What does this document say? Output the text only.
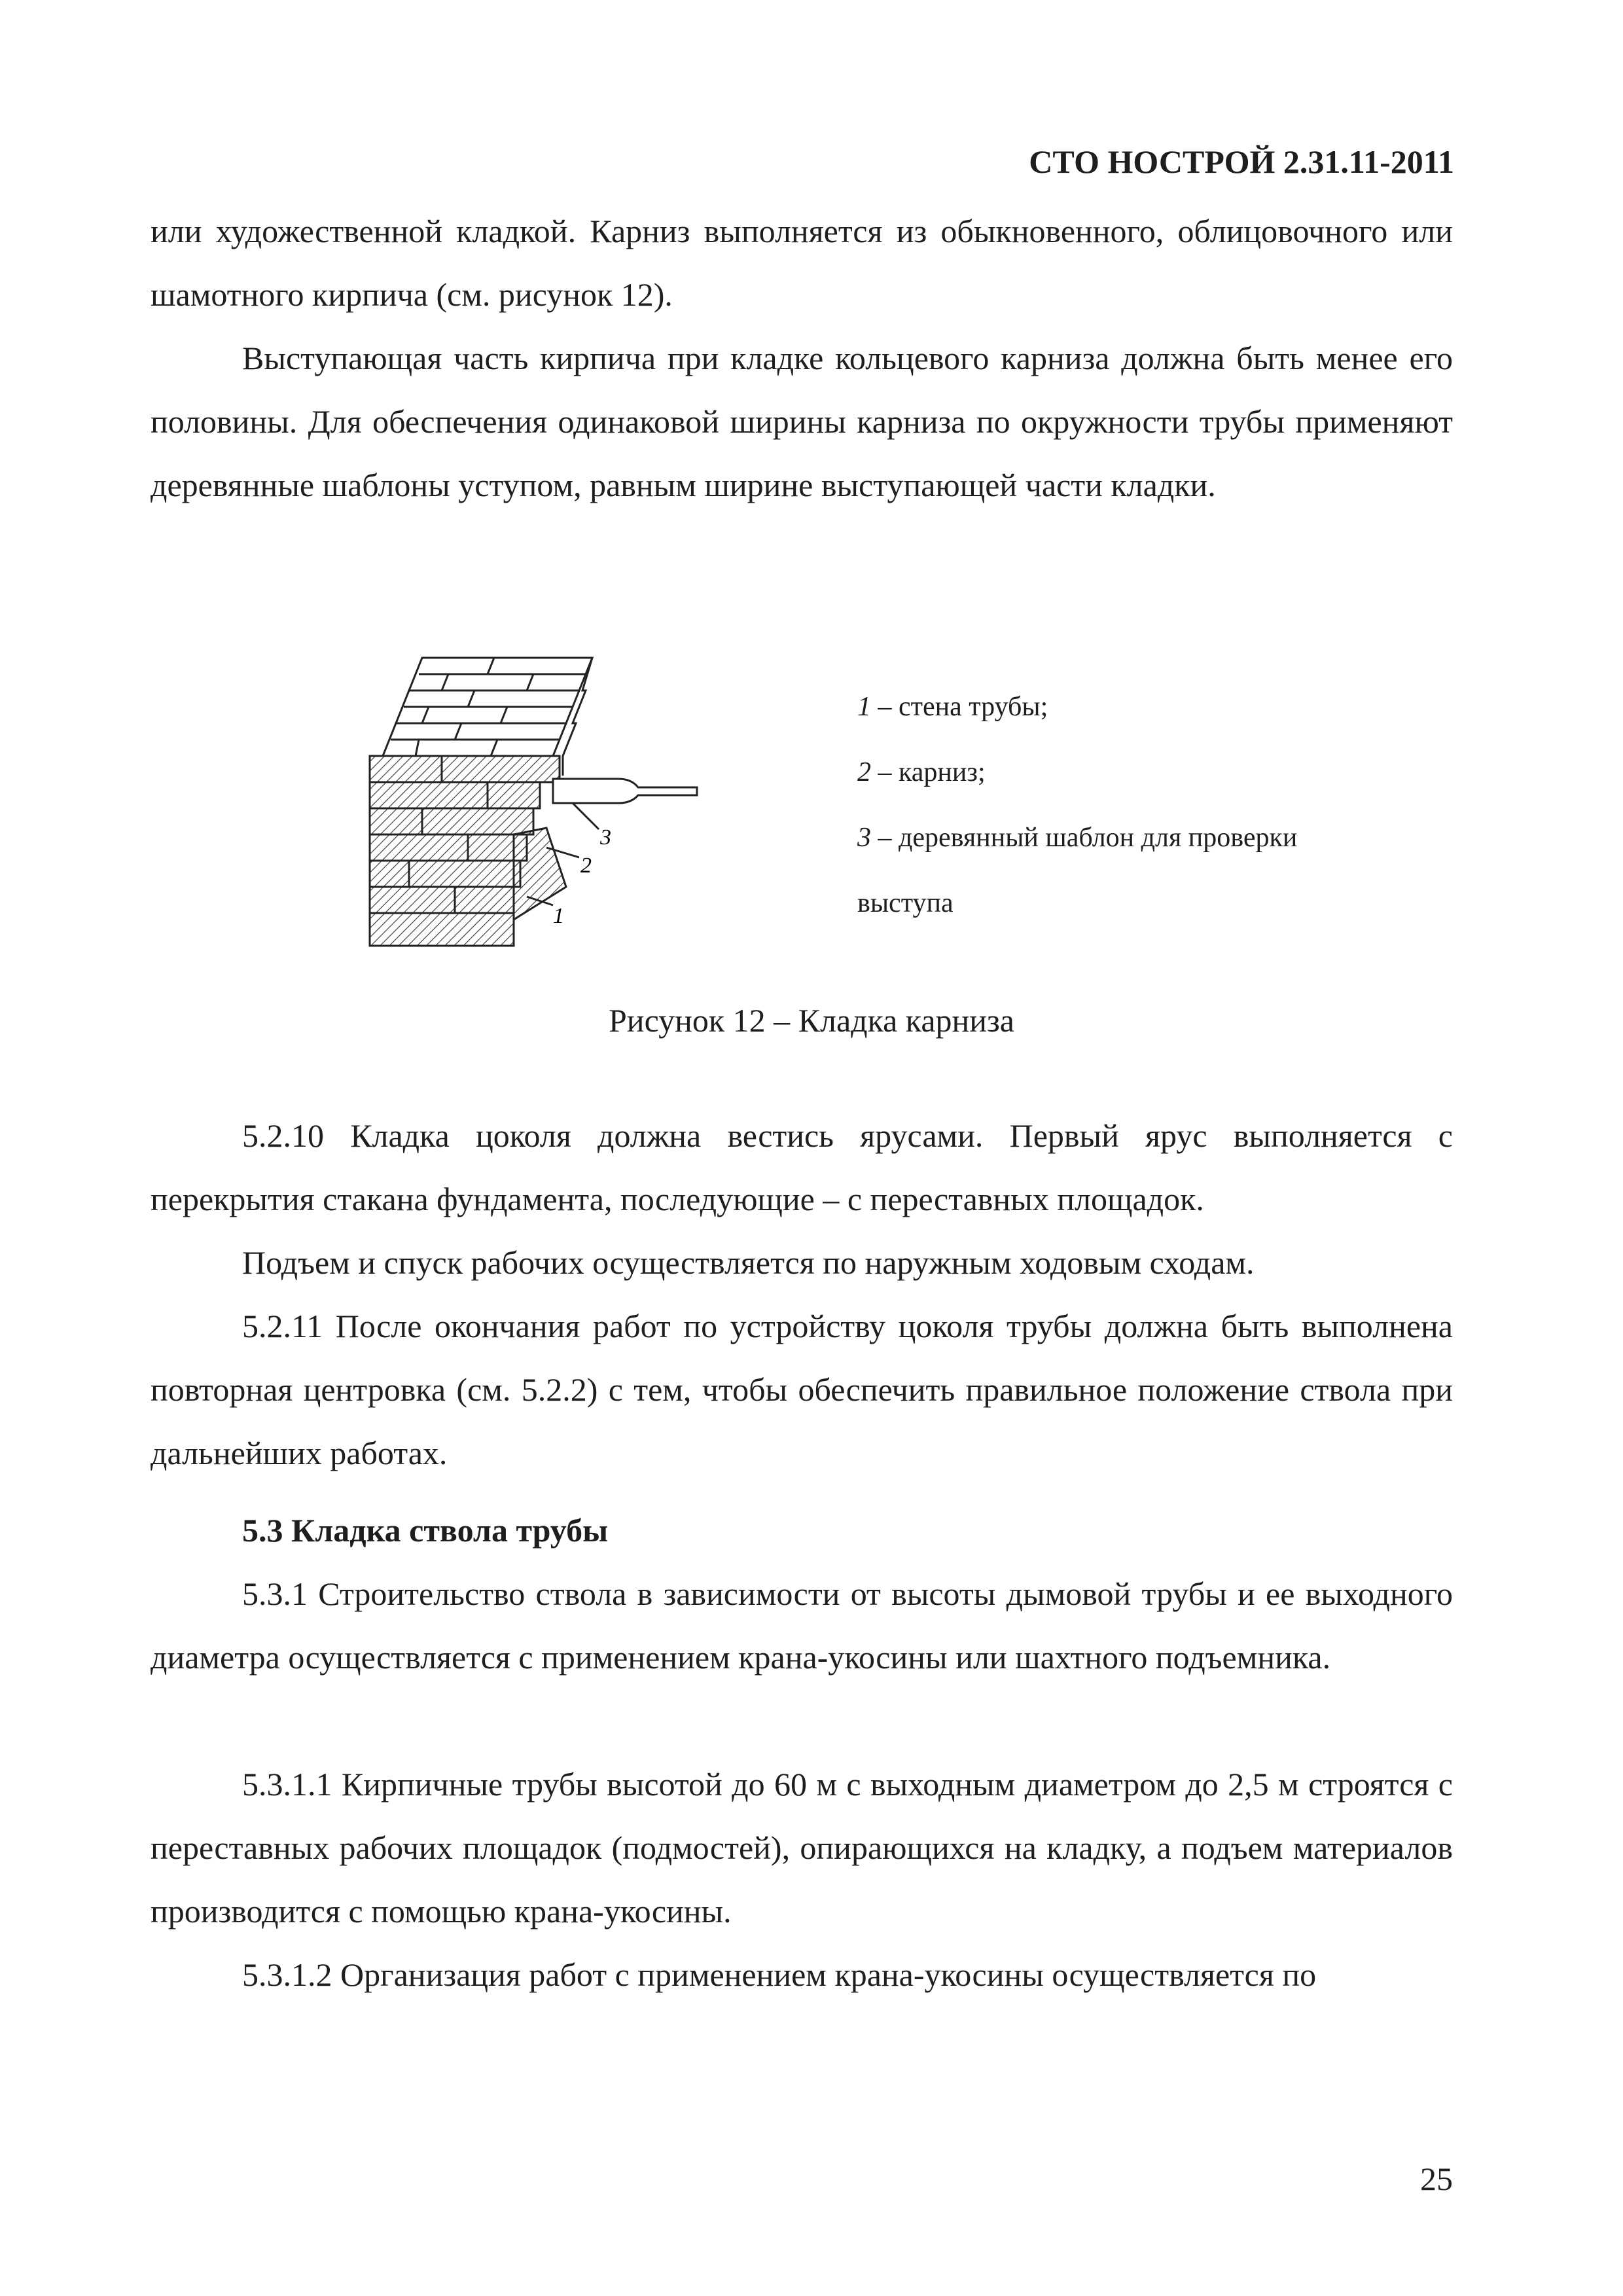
СТО НОСТРОЙ 2.31.11-2011

или художественной кладкой. Карниз выполняется из обыкновенного, облицовочного или шамотного кирпича (см. рисунок 12).

Выступающая часть кирпича при кладке кольцевого карниза должна быть менее его половины. Для обеспечения одинаковой ширины карниза по окружности трубы применяют деревянные шаблоны уступом, равным ширине выступающей части кладки.

3
2
1
1 – стена трубы;
2 – карниз;
3 – деревянный шаблон для проверки
выступа
Рисунок 12 – Кладка карниза

5.2.10 Кладка цоколя должна вестись ярусами. Первый ярус выполняется с перекрытия стакана фундамента, последующие – с переставных площадок.

Подъем и спуск рабочих осуществляется по наружным ходовым сходам.

5.2.11 После окончания работ по устройству цоколя трубы должна быть выполнена повторная центровка (см. 5.2.2) с тем, чтобы обеспечить правильное положение ствола при дальнейших работах.

5.3 Кладка ствола трубы

5.3.1 Строительство ствола в зависимости от высоты дымовой трубы и ее выходного диаметра осуществляется с применением крана-укосины или шахтного подъемника.

5.3.1.1 Кирпичные трубы высотой до 60 м с выходным диаметром до 2,5 м строятся с переставных рабочих площадок (подмостей), опирающихся на кладку, а подъем материалов производится с помощью крана-укосины.

5.3.1.2 Организация работ с применением крана-укосины осуществляется по

25
